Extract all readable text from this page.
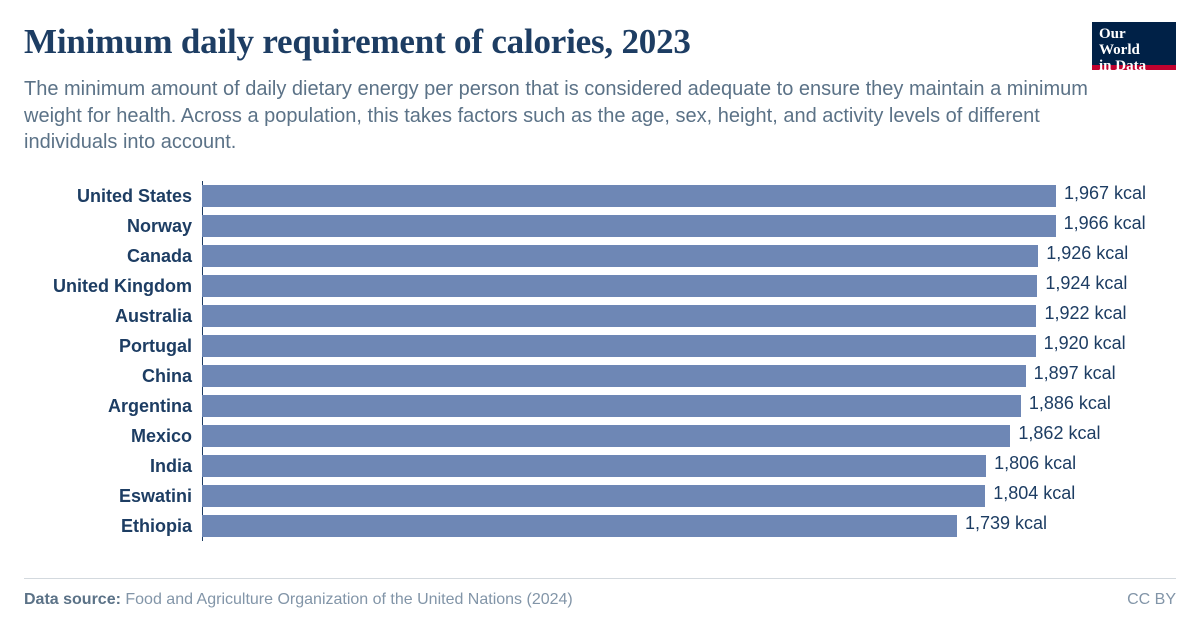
Minimum daily requirement of calories, 2023

The minimum amount of daily dietary energy per person that is considered adequate to ensure they maintain a minimum weight for health. Across a population, this takes factors such as the age, sex, height, and activity levels of different individuals into account.

Our World
in Data
United States	1,967 kcal
Norway	1,966 kcal
Canada	1,926 kcal
United Kingdom	1,924 kcal
Australia	1,922 kcal
Portugal	1,920 kcal
China	1,897 kcal
Argentina	1,886 kcal
Mexico	1,862 kcal
India	1,806 kcal
Eswatini	1,804 kcal
Ethiopia	1,739 kcal
Data source: Food and Agriculture Organization of the United Nations (2024)	CC BY
